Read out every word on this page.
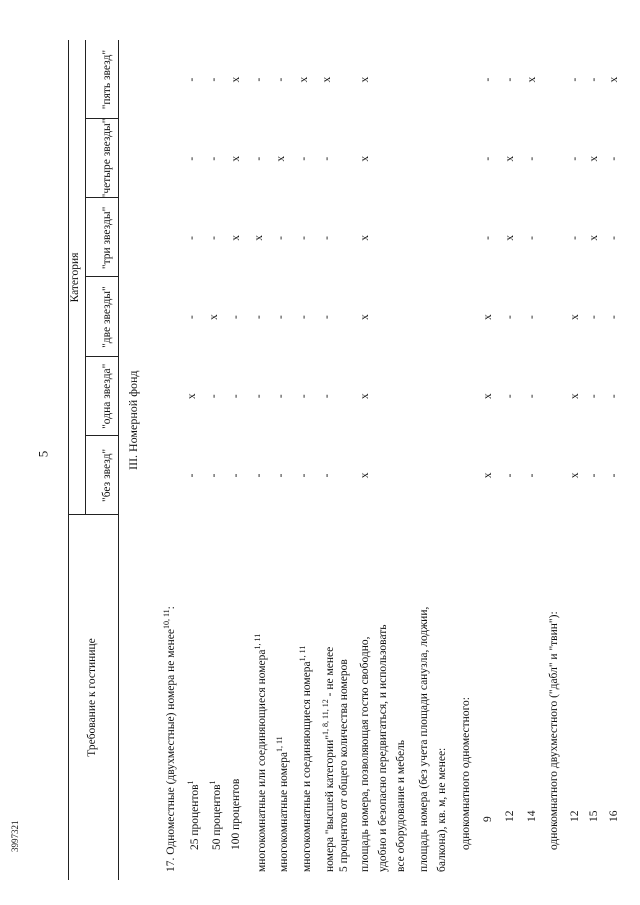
5
3997321
Требование к гостинице
Категория
"без звезд"
"одна звезда"
"две звезды"
"три звезды"
"четыре звезды"
"пять звезд"
III. Номерной фонд
17. Одноместные (двухместные) номера не менее$^{10, 11}$:
25 процентов$^1$
-
x
-
-
-
-
50 процентов$^1$
-
-
x
-
-
-
100 процентов
-
-
-
x
x
x
многокомнатные или соединяющиеся номера$^{1, 11}$
-
-
-
x
-
-
многокомнатные номера$^{1, 11}$
-
-
-
-
x
-
многокомнатные и соединяющиеся номера$^{1, 11}$
-
-
-
-
-
x
номера "высшей категории"$^{1, 8, 11, 12}$ - не менее
-
-
-
-
-
x
5 процентов от общего количества номеров площадь номера, позволяющая гостю свободно,
x
x
x
x
x
x
удобно и безопасно передвигаться, и использовать все оборудование и мебель площадь номера (без учета площади санузла, лоджии, балкона), кв. м, не менее: однокомнатного одноместного: 9
x
x
x
-
-
-
12
-
-
-
x
x
-
14
-
-
-
-
-
x
однокомнатного двухместного ("дабл" и "твин"): 12
x
x
x
-
-
-
15
-
-
-
x
x
-
16
-
-
-
-
-
x
